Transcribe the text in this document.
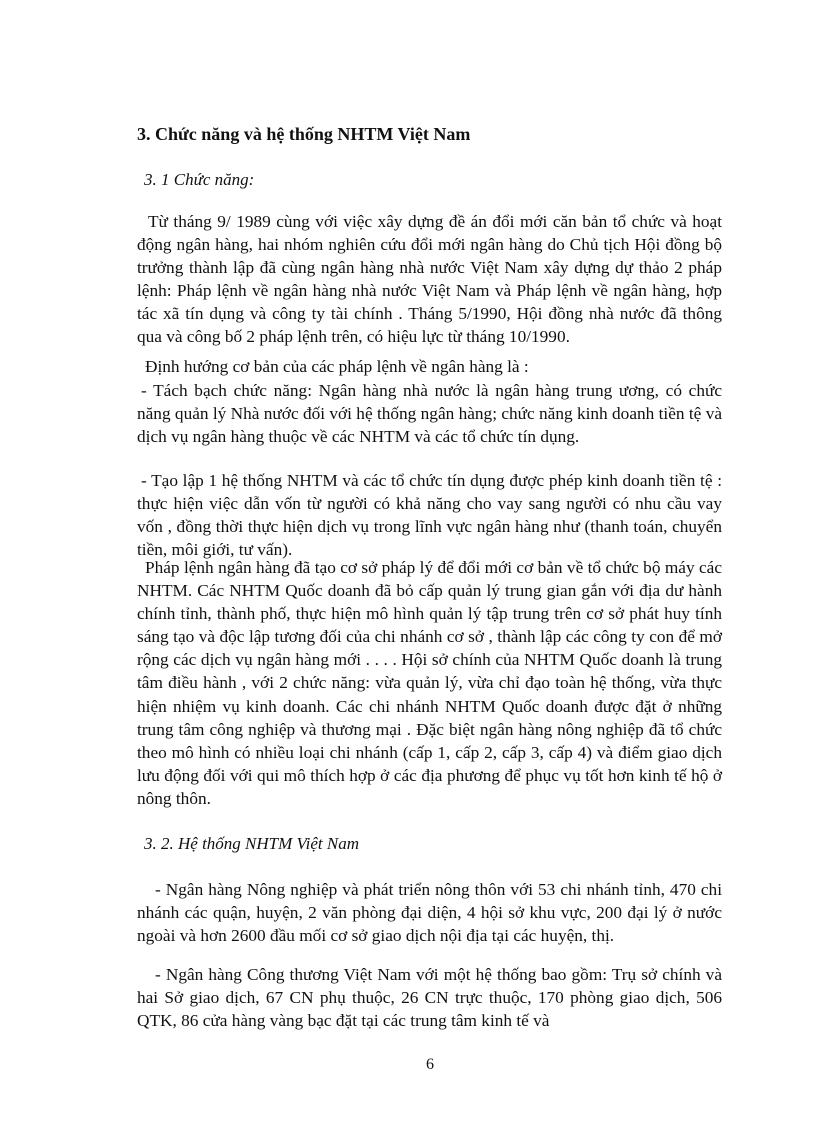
3. Chức năng và hệ thống NHTM Việt Nam
3. 1 Chức năng:
Từ tháng 9/ 1989 cùng với việc xây dựng đề án đổi mới căn bản tổ chức và hoạt động ngân hàng, hai nhóm nghiên cứu đổi mới ngân hàng do Chủ tịch Hội đồng bộ trưởng thành lập đã cùng ngân hàng nhà nước Việt Nam xây dựng dự thảo 2 pháp lệnh: Pháp lệnh về ngân hàng nhà nước Việt Nam và Pháp lệnh về ngân hàng, hợp tác xã tín dụng và công ty tài chính . Tháng 5/1990, Hội đồng nhà nước đã thông qua và công bố 2 pháp lệnh trên, có hiệu lực từ tháng 10/1990.
Định hướng cơ bản của các pháp lệnh về ngân hàng là :
- Tách bạch chức năng: Ngân hàng nhà nước là ngân hàng trung ương, có chức năng quản lý Nhà nước đối với hệ thống ngân hàng; chức năng kinh doanh tiền tệ và dịch vụ ngân hàng thuộc về các NHTM và các tổ chức tín dụng.
- Tạo lập 1 hệ thống NHTM và các tổ chức tín dụng được phép kinh doanh tiền tệ : thực hiện việc dẫn vốn từ người có khả năng cho vay sang người có nhu cầu vay vốn , đồng thời thực hiện dịch vụ trong lĩnh vực ngân hàng như (thanh toán, chuyển tiền, môi giới, tư vấn).
Pháp lệnh ngân hàng đã tạo cơ sở pháp lý để đổi mới cơ bản về tổ chức bộ máy các NHTM. Các NHTM Quốc doanh đã bỏ cấp quản lý trung gian gắn với địa dư hành chính tỉnh, thành phố, thực hiện mô hình quản lý tập trung trên cơ sở phát huy tính sáng tạo và độc lập tương đối của chi nhánh cơ sở , thành lập các công ty con để mở rộng các dịch vụ ngân hàng mới . . . . Hội sở chính của NHTM Quốc doanh là trung tâm điều hành , với 2 chức năng: vừa quản lý, vừa chỉ đạo toàn hệ thống, vừa thực hiện nhiệm vụ kinh doanh. Các chi nhánh NHTM Quốc doanh được đặt ở những trung tâm công nghiệp và thương mại . Đặc biệt ngân hàng nông nghiệp đã tổ chức theo mô hình có nhiều loại chi nhánh (cấp 1, cấp 2, cấp 3, cấp 4) và điểm giao dịch lưu động đối với qui mô thích hợp ở các địa phương để phục vụ tốt hơn kinh tế hộ ở nông thôn.
3. 2. Hệ thống NHTM Việt Nam
- Ngân hàng Nông nghiệp và phát triển nông thôn với 53 chi nhánh tỉnh, 470 chi nhánh các quận, huyện, 2 văn phòng đại diện, 4 hội sở khu vực, 200 đại lý ở nước ngoài và hơn 2600 đầu mối cơ sở giao dịch nội địa tại các huyện, thị.
- Ngân hàng Công thương Việt Nam với một hệ thống bao gồm: Trụ sở chính và hai Sở giao dịch, 67 CN phụ thuộc, 26 CN trực thuộc, 170 phòng giao dịch, 506 QTK, 86 cửa hàng vàng bạc đặt tại các trung tâm kinh tế và
6
